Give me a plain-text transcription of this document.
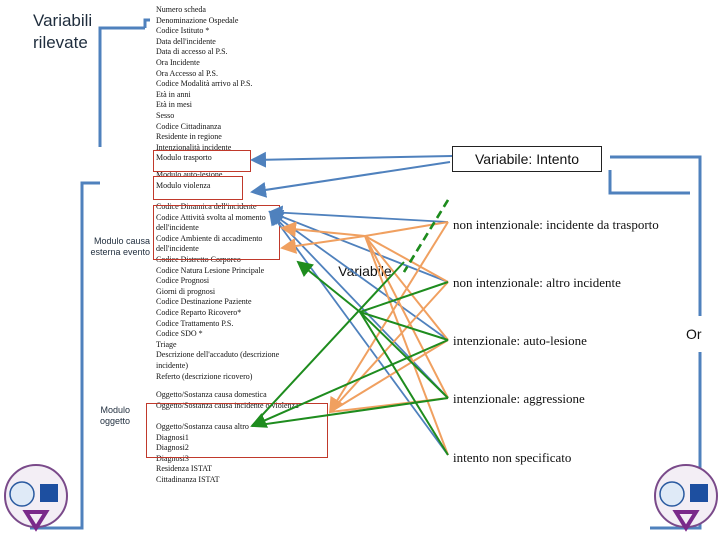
Variabili
rilevate
Numero scheda
Denominazione Ospedale
Codice Istituto *
Data dell'incidente
Data di accesso al P.S.
Ora Incidente
Ora Accesso al P.S.
Codice Modalità arrivo al P.S.
Età in anni
Età in mesi
Sesso
Codice Cittadinanza
Residente in regione
Intenzionalità incidente
Modulo trasporto
Modulo auto-lesione
Modulo violenza
Codice Dinamica dell'incidente
Codice Attività svolta al momento
dell'incidente
Codice Ambiente di accadimento
dell'incidente
Codice Distretto Corporeo
Codice Natura Lesione Principale
Codice Prognosi
Giorni di prognosi
Codice Destinazione Paziente
Codice Reparto Ricovero*
Codice Trattamento P.S.
Codice SDO *
Triage
Descrizione dell'accaduto (descrizione
incidente)
Referto (descrizione ricovero)
Oggetto/Sostanza causa domestica
Oggetto/Sostanza causa incidente o violenza

Oggetto/Sostanza causa altro
Diagnosi1
Diagnosi2
Diagnosi3
Residenza ISTAT
Cittadinanza ISTAT
Modulo causa
esterna evento
Modulo
oggetto
Variabile: Intento
Variabile
non intenzionale: incidente da trasporto
non intenzionale: altro incidente
intenzionale: auto-lesione
intenzionale: aggressione
intento non specificato
Or
